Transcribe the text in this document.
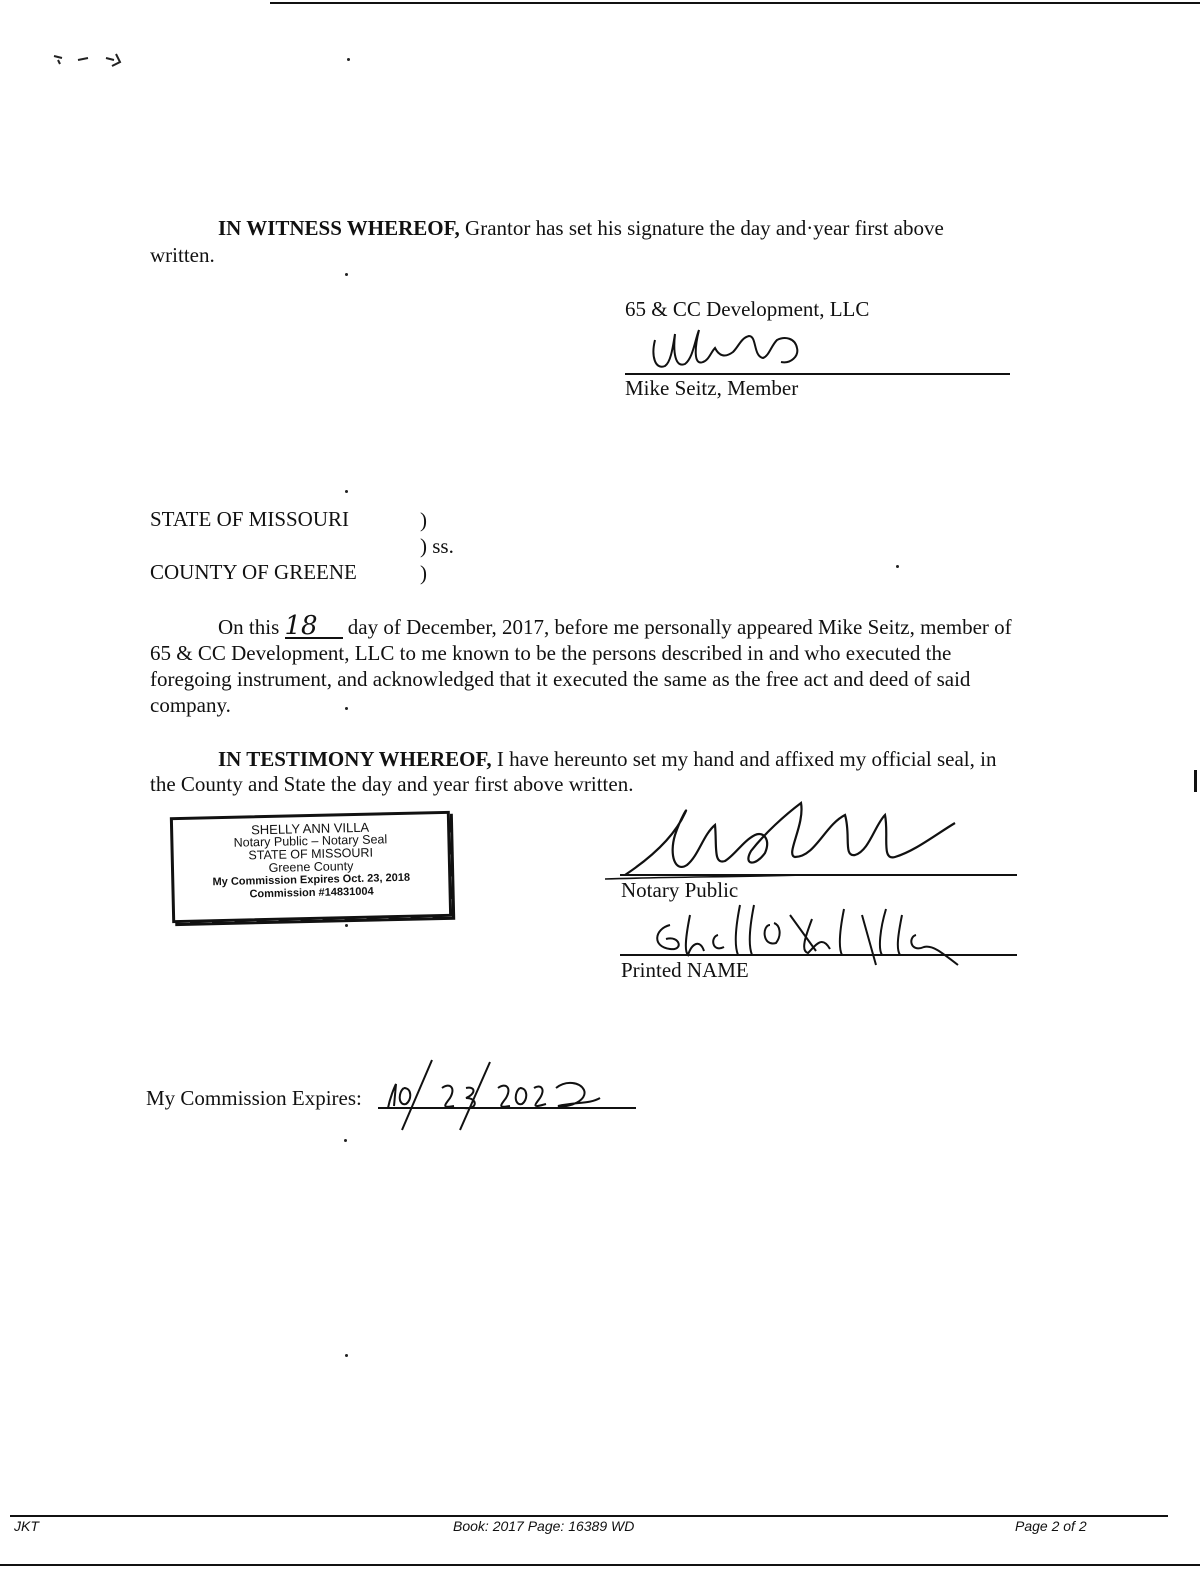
IN WITNESS WHEREOF, Grantor has set his signature the day and·year first above
written.
65 & CC Development, LLC
Mike Seitz, Member
STATE OF MISSOURI	)
) ss.
COUNTY OF GREENE	)
On this 18 day of December, 2017, before me personally appeared Mike Seitz, member of
65 & CC Development, LLC to me known to be the persons described in and who executed the
foregoing instrument, and acknowledged that it executed the same as the free act and deed of said
company.
IN TESTIMONY WHEREOF, I have hereunto set my hand and affixed my official seal, in
the County and State the day and year first above written.
SHELLY ANN VILLA
Notary Public – Notary Seal
STATE OF MISSOURI
Greene County
My Commission Expires Oct. 23, 2018
Commission #14831004	Notary Public
Printed NAME
My Commission Expires:
JKT	Book: 2017 Page: 16389 WD	Page 2 of 2
